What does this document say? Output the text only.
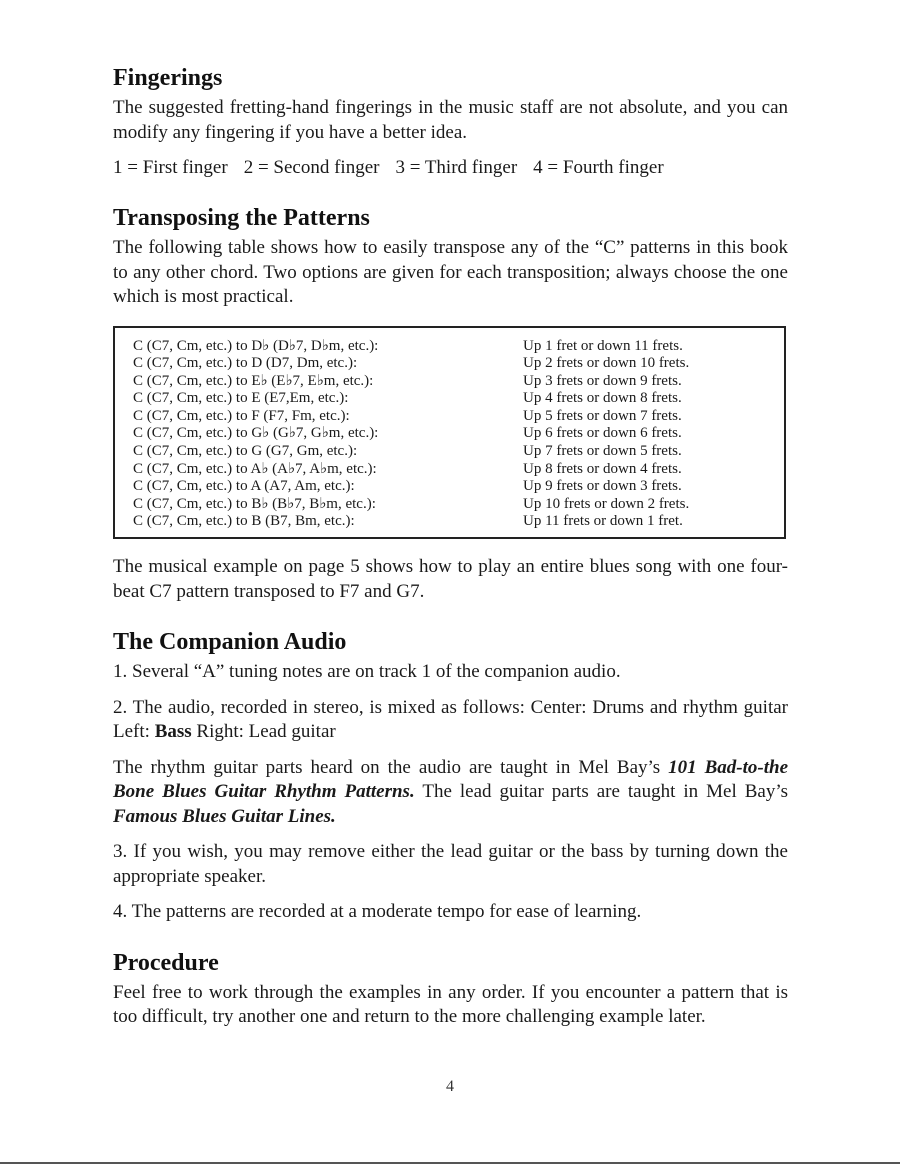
Fingerings

The suggested fretting-hand fingerings in the music staff are not absolute, and you can modify any fingering if you have a better idea.

1 = First finger 2 = Second finger 3 = Third finger 4 = Fourth finger
Transposing the Patterns

The following table shows how to easily transpose any of the “C” patterns in this book to any other chord. Two options are given for each transposition; always choose the one which is most practical.

C (C7, Cm, etc.) to D♭ (D♭7, D♭m, etc.):	Up 1 fret or down 11 frets.
C (C7, Cm, etc.) to D (D7, Dm, etc.):	Up 2 frets or down 10 frets.
C (C7, Cm, etc.) to E♭ (E♭7, E♭m, etc.):	Up 3 frets or down 9 frets.
C (C7, Cm, etc.) to E (E7,Em, etc.):	Up 4 frets or down 8 frets.
C (C7, Cm, etc.) to F (F7, Fm, etc.):	Up 5 frets or down 7 frets.
C (C7, Cm, etc.) to G♭ (G♭7, G♭m, etc.):	Up 6 frets or down 6 frets.
C (C7, Cm, etc.) to G (G7, Gm, etc.):	Up 7 frets or down 5 frets.
C (C7, Cm, etc.) to A♭ (A♭7, A♭m, etc.):	Up 8 frets or down 4 frets.
C (C7, Cm, etc.) to A (A7, Am, etc.):	Up 9 frets or down 3 frets.
C (C7, Cm, etc.) to B♭ (B♭7, B♭m, etc.):	Up 10 frets or down 2 frets.
C (C7, Cm, etc.) to B (B7, Bm, etc.):	Up 11 frets or down 1 fret.

The musical example on page 5 shows how to play an entire blues song with one four-beat C7 pattern transposed to F7 and G7.

The Companion Audio

1. Several “A” tuning notes are on track 1 of the companion audio.

2. The audio, recorded in stereo, is mixed as follows: Center: Drums and rhythm guitar Left: Bass Right: Lead guitar

The rhythm guitar parts heard on the audio are taught in Mel Bay’s 101 Bad-to-the Bone Blues Guitar Rhythm Patterns. The lead guitar parts are taught in Mel Bay’s Famous Blues Guitar Lines.

3. If you wish, you may remove either the lead guitar or the bass by turning down the appropriate speaker.

4. The patterns are recorded at a moderate tempo for ease of learning.

Procedure

Feel free to work through the examples in any order. If you encounter a pattern that is too difficult, try another one and return to the more challenging example later.

4
